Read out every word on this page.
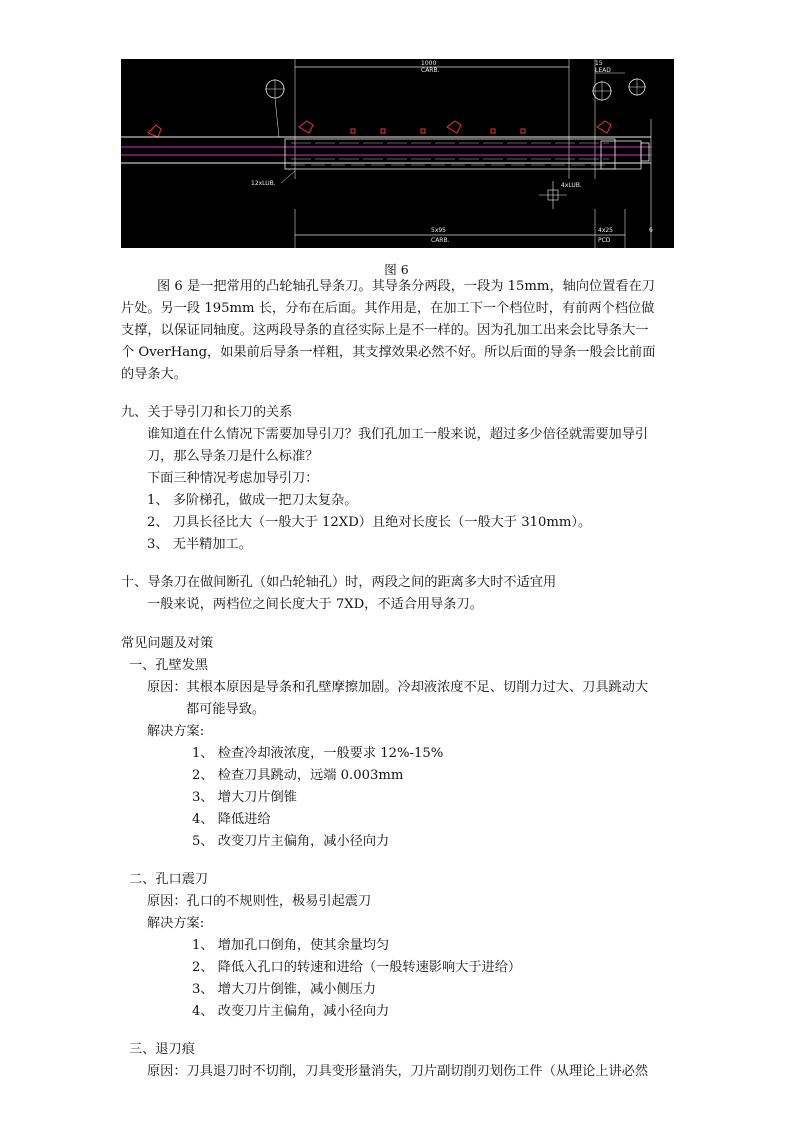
1000
CARB.
15
LEAD
12xLUB.	4xLUB.
5x95
CARB.
4x25
PCD
6
图 6
图 6 是一把常用的凸轮轴孔导条刀。其导条分两段，一段为 15mm，轴向位置看在刀
片处。另一段 195mm 长，分布在后面。其作用是，在加工下一个档位时，有前两个档位做
支撑，以保证同轴度。这两段导条的直径实际上是不一样的。因为孔加工出来会比导条大一
个 OverHang，如果前后导条一样粗，其支撑效果必然不好。所以后面的导条一般会比前面
的导条大。
九、关于导引刀和长刀的关系
谁知道在什么情况下需要加导引刀？我们孔加工一般来说，超过多少倍径就需要加导引
刀，那么导条刀是什么标准？
下面三种情况考虑加导引刀：
1、 多阶梯孔，做成一把刀太复杂。
2、 刀具长径比大（一般大于 12XD）且绝对长度长（一般大于 310mm）。
3、 无半精加工。
十、导条刀在做间断孔（如凸轮轴孔）时，两段之间的距离多大时不适宜用
一般来说，两档位之间长度大于 7XD，不适合用导条刀。
常见问题及对策
一、孔壁发黑
原因：其根本原因是导条和孔壁摩擦加剧。冷却液浓度不足、切削力过大、刀具跳动大
都可能导致。
解决方案:
1、 检查冷却液浓度，一般要求 12%-15%
2、 检查刀具跳动，远端 0.003mm
3、 增大刀片倒锥
4、 降低进给
5、 改变刀片主偏角，减小径向力
二、孔口震刀
原因：孔口的不规则性，极易引起震刀
解决方案:
1、 增加孔口倒角，使其余量均匀
2、 降低入孔口的转速和进给（一般转速影响大于进给）
3、 增大刀片倒锥，减小侧压力
4、 改变刀片主偏角，减小径向力
三、退刀痕
原因：刀具退刀时不切削，刀具变形量消失，刀片副切削刃划伤工件（从理论上讲必然
